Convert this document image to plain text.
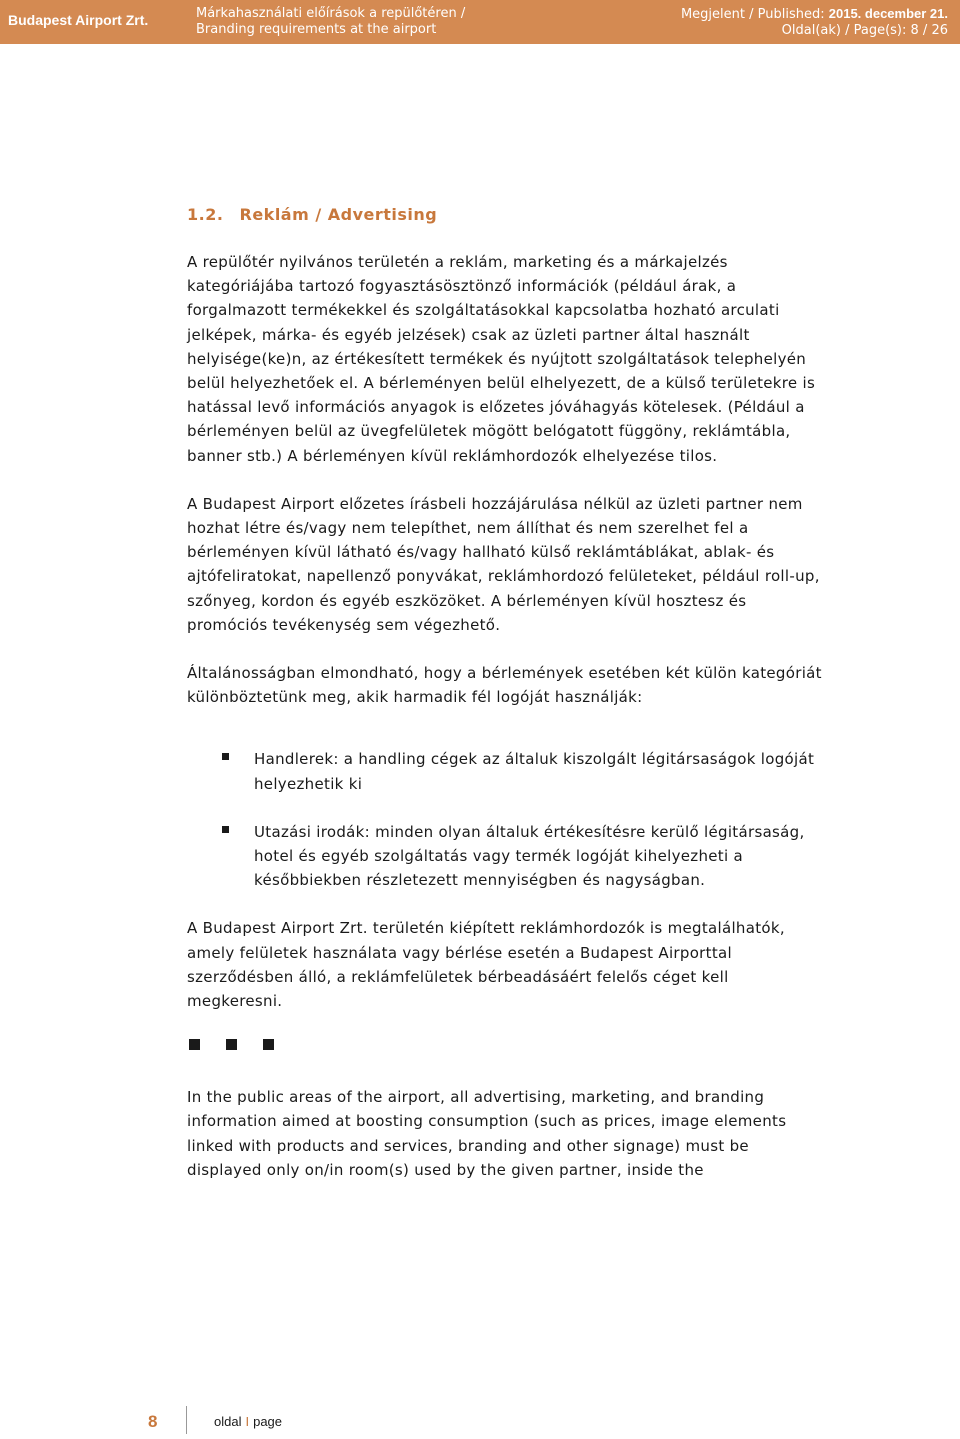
Budapest Airport Zrt.	Márkahasználati előírások a repülőtéren /
Branding requirements at the airport
Megjelent / Published: 2015. december 21.
Oldal(ak) / Page(s): 8 / 26
1.2. Reklám / Advertising

A repülőtér nyilvános területén a reklám, marketing és a márkajelzés kategóriájába tartozó fogyasztásösztönző információk (például árak, a forgalmazott termékekkel és szolgáltatásokkal kapcsolatba hozható arculati jelképek, márka- és egyéb jelzések) csak az üzleti partner által használt helyisége(ke)n, az értékesített termékek és nyújtott szolgáltatások telephelyén belül helyezhetőek el. A bérleményen belül elhelyezett, de a külső területekre is hatással levő információs anyagok is előzetes jóváhagyás kötelesek. (Például a bérleményen belül az üvegfelületek mögött belógatott függöny, reklámtábla, banner stb.) A bérleményen kívül reklámhordozók elhelyezése tilos.

A Budapest Airport előzetes írásbeli hozzájárulása nélkül az üzleti partner nem hozhat létre és/vagy nem telepíthet, nem állíthat és nem szerelhet fel a bérleményen kívül látható és/vagy hallható külső reklámtáblákat, ablak- és ajtófeliratokat, napellenző ponyvákat, reklámhordozó felületeket, például roll-up, szőnyeg, kordon és egyéb eszközöket. A bérleményen kívül hosztesz és promóciós tevékenység sem végezhető.

Általánosságban elmondható, hogy a bérlemények esetében két külön kategóriát különböztetünk meg, akik harmadik fél logóját használják:

Handlerek: a handling cégek az általuk kiszolgált légitársaságok logóját helyezhetik ki
Utazási irodák: minden olyan általuk értékesítésre kerülő légitársaság, hotel és egyéb szolgáltatás vagy termék logóját kihelyezheti a későbbiekben részletezett mennyiségben és nagyságban.

A Budapest Airport Zrt. területén kiépített reklámhordozók is megtalálhatók, amely felületek használata vagy bérlése esetén a Budapest Airporttal szerződésben álló, a reklámfelületek bérbeadásáért felelős céget kell megkeresni.

In the public areas of the airport, all advertising, marketing, and branding information aimed at boosting consumption (such as prices, image elements linked with products and services, branding and other signage) must be displayed only on/in room(s) used by the given partner, inside the

8	oldal I page
